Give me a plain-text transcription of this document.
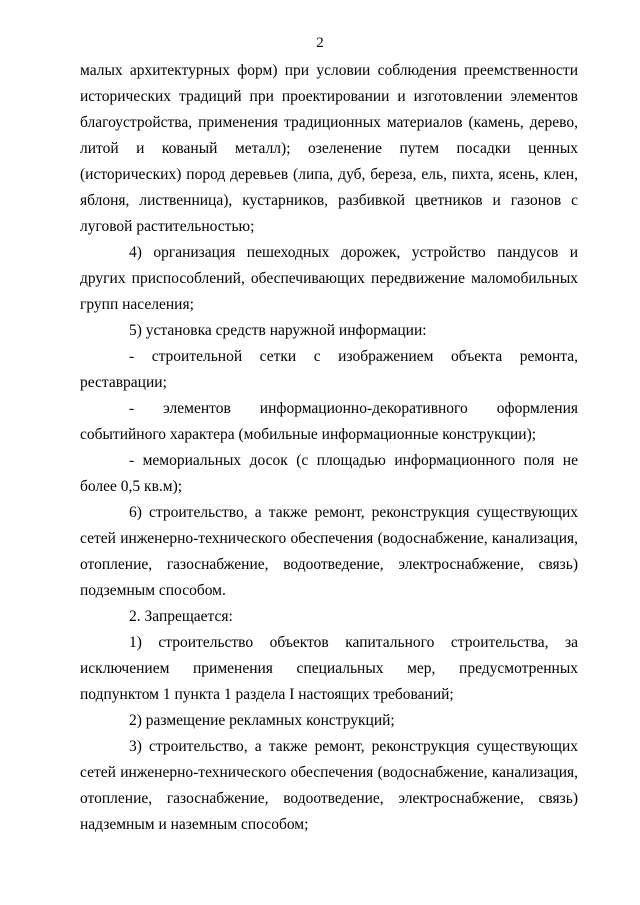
2

малых архитектурных форм) при условии соблюдения преемственности исторических традиций при проектировании и изготовлении элементов благоустройства, применения традиционных материалов (камень, дерево, литой и кованый металл); озеленение путем посадки ценных (исторических) пород деревьев (липа, дуб, береза, ель, пихта, ясень, клен, яблоня, лиственница), кустарников, разбивкой цветников и газонов с луговой растительностью;

4) организация пешеходных дорожек, устройство пандусов и других приспособлений, обеспечивающих передвижение маломобильных групп населения;

5) установка средств наружной информации:

- строительной сетки с изображением объекта ремонта, реставрации;

- элементов информационно-декоративного оформления событийного характера (мобильные информационные конструкции);

- мемориальных досок (с площадью информационного поля не более 0,5 кв.м);

6) строительство, а также ремонт, реконструкция существующих сетей инженерно-технического обеспечения (водоснабжение, канализация, отопление, газоснабжение, водоотведение, электроснабжение, связь) подземным способом.

2. Запрещается:

1) строительство объектов капитального строительства, за исключением применения специальных мер, предусмотренных подпунктом 1 пункта 1 раздела I настоящих требований;

2) размещение рекламных конструкций;

3) строительство, а также ремонт, реконструкция существующих сетей инженерно-технического обеспечения (водоснабжение, канализация, отопление, газоснабжение, водоотведение, электроснабжение, связь) надземным и наземным способом;
